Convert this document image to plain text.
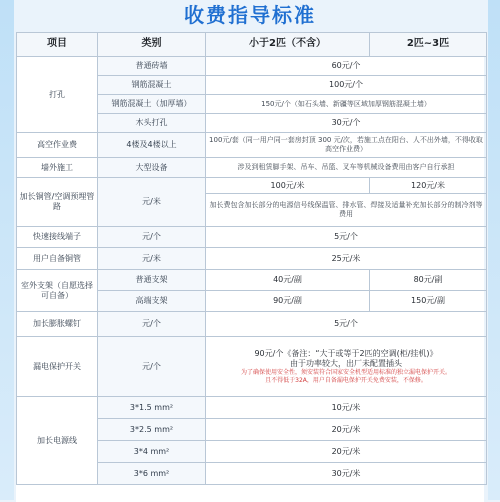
收费指导标准
项目	类别	小于2匹（不含）	2匹~3匹
打孔	普通砖墙	60元/个	
	钢筋混凝土	100元/个	
	钢筋混凝土（加厚墙）	150元/个（如石头墙、新疆等区域加厚钢筋混凝土墙）	
	木头打孔	30元/个	
高空作业费	4楼及4楼以上	100元/套（同一用户同一套房封顶 300 元/次，若施工点在阳台、人不出外墙，不得收取高空作业费）	
墙外施工	大型设备	涉及到租赁脚手架、吊车、吊篮、叉车等机械设备费用由客户自行承担	
加长铜管/空调预埋管路	元/米	100元/米	120元/米
		加长费包含加长部分的电源信号线保温管、排水管、焊接及适量补充加长部分的制冷剂等费用	
快速接线端子	元/个	5元/个	
用户自备铜管	元/米	25元/米	
室外支架（自愿选择 可自备）	普通支架	40元/副	80元/副
	高端支架	90元/副	150元/副
加长膨胀螺钉	元/个	5元/个	
漏电保护开关	元/个	90元/个《备注：“大于或等于2匹的空调(柜/挂机)》
由于功率较大，出厂未配置插头
为了确保使用安全性，须安装符合国家安全机型适用标准的独立漏电保护开关。
且不得低于32A，用户自备漏电保护开关免费安装，不保修。	

加长电源线	3*1.5 mm²	10元/米	
	3*2.5 mm²	20元/米	
	3*4 mm²	20元/米	
	3*6 mm²	30元/米	
